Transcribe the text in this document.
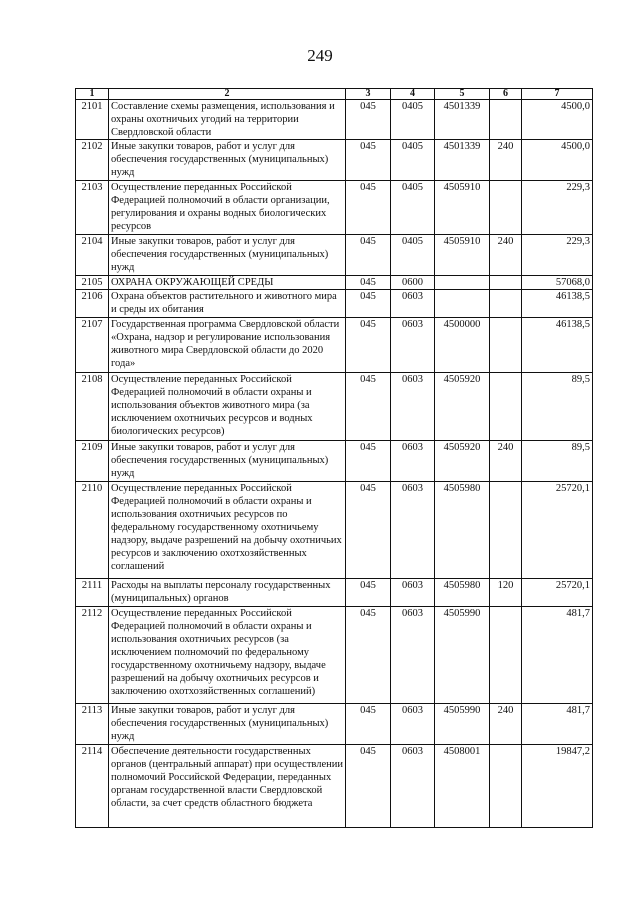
249
1	2	3	4	5	6	7
2101	Составление схемы размещения, использования и охраны охотничьих угодий на территории Свердловской области	045	0405	4501339		4500,0
2102	Иные закупки товаров, работ и услуг для обеспечения государственных (муниципальных) нужд	045	0405	4501339	240	4500,0
2103	Осуществление переданных Российской Федерацией полномочий в области организации, регулирования и охраны водных биологических ресурсов	045	0405	4505910		229,3
2104	Иные закупки товаров, работ и услуг для обеспечения государственных (муниципальных) нужд	045	0405	4505910	240	229,3
2105	ОХРАНА ОКРУЖАЮЩЕЙ СРЕДЫ	045	0600			57068,0
2106	Охрана объектов растительного и животного мира и среды их обитания	045	0603			46138,5
2107	Государственная программа Свердловской области «Охрана, надзор и регулирование использования животного мира Свердловской области до 2020 года»	045	0603	4500000		46138,5
2108	Осуществление переданных Российской Федерацией полномочий в области охраны и использования объектов животного мира (за исключением охотничьих ресурсов и водных биологических ресурсов)	045	0603	4505920		89,5
2109	Иные закупки товаров, работ и услуг для обеспечения государственных (муниципальных) нужд	045	0603	4505920	240	89,5
2110	Осуществление переданных Российской Федерацией полномочий в области охраны и использования охотничьих ресурсов по федеральному государственному охотничьему надзору, выдаче разрешений на добычу охотничьих ресурсов и заключению охотхозяйственных соглашений	045	0603	4505980		25720,1
2111	Расходы на выплаты персоналу государственных (муниципальных) органов	045	0603	4505980	120	25720,1
2112	Осуществление переданных Российской Федерацией полномочий в области охраны и использования охотничьих ресурсов (за исключением полномочий по федеральному государственному охотничьему надзору, выдаче разрешений на добычу охотничьих ресурсов и заключению охотхозяйственных соглашений)	045	0603	4505990		481,7
2113	Иные закупки товаров, работ и услуг для обеспечения государственных (муниципальных) нужд	045	0603	4505990	240	481,7
2114	Обеспечение деятельности государственных органов (центральный аппарат) при осуществлении полномочий Российской Федерации, переданных органам государственной власти Свердловской области, за счет средств областного бюджета	045	0603	4508001		19847,2
